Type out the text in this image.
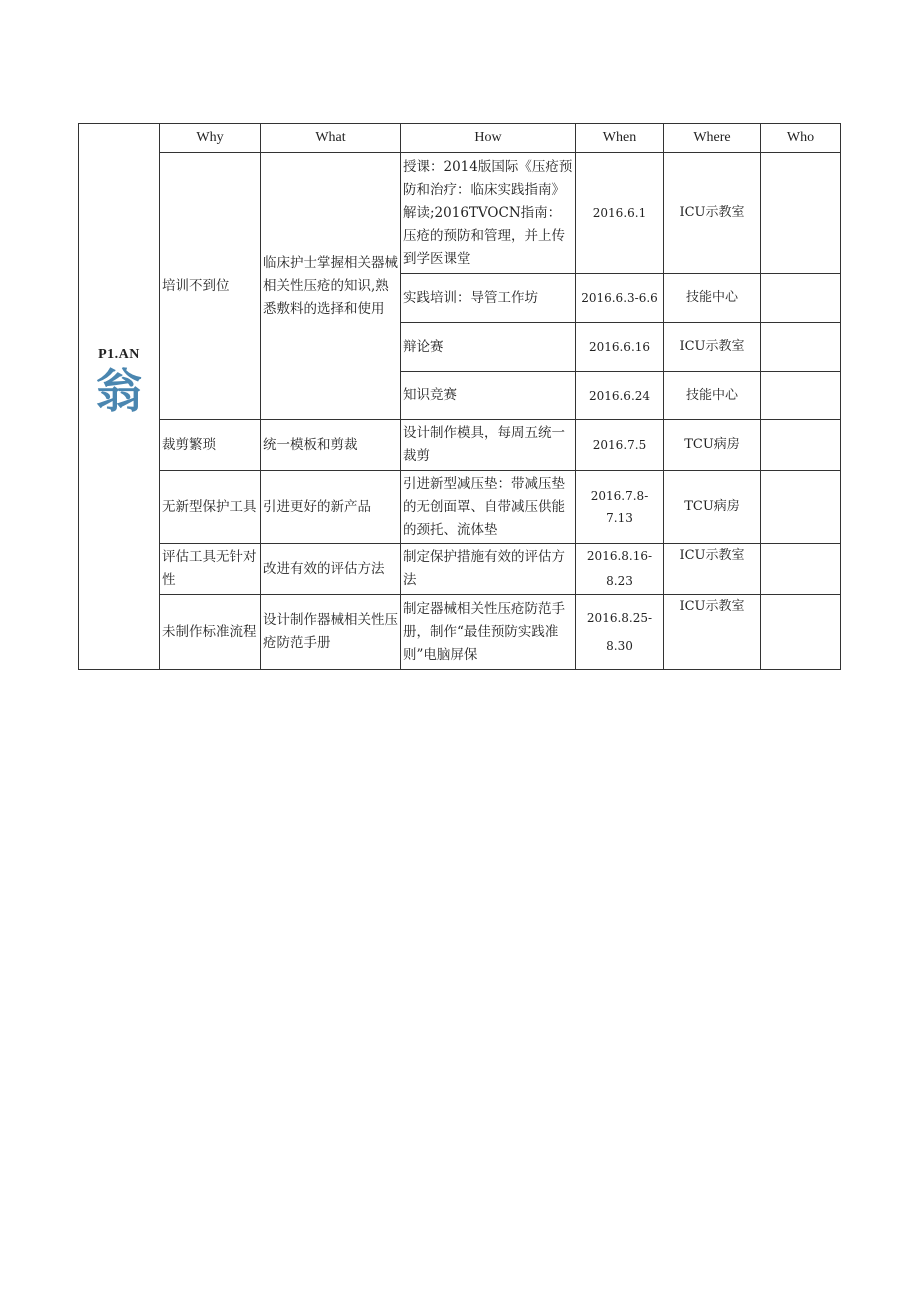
P1.AN
翁	Why	What	How	When	Where	Who
	培训不到位	临床护士掌握相关器械相关性压疮的知识,熟悉敷料的选择和使用	授课：2014版国际《压疮预防和治疗：临床实践指南》解读;2016TVOCN指南：压疮的预防和管理，并上传到学医课堂	2016.6.1	ICU示教室	
			实践培训：导管工作坊	2016.6.3-6.6	技能中心	
			辩论赛	2016.6.16	ICU示教室	
			知识竞赛	2016.6.24	技能中心	
	裁剪繁琐	统一模板和剪裁	设计制作模具，每周五统一裁剪	2016.7.5	TCU病房	
	无新型保护工具	引进更好的新产品	引进新型减压垫：带减压垫的无创面罩、自带减压供能的颈托、流体垫	2016.7.8-7.13	TCU病房	
	评估工具无针对性	改进有效的评估方法	制定保护措施有效的评估方法	2016.8.16-8.23	ICU示教室	
	未制作标准流程	设计制作器械相关性压疮防范手册	制定器械相关性压疮防范手册，制作“最佳预防实践准则”电脑屏保	2016.8.25-8.30	ICU示教室	
